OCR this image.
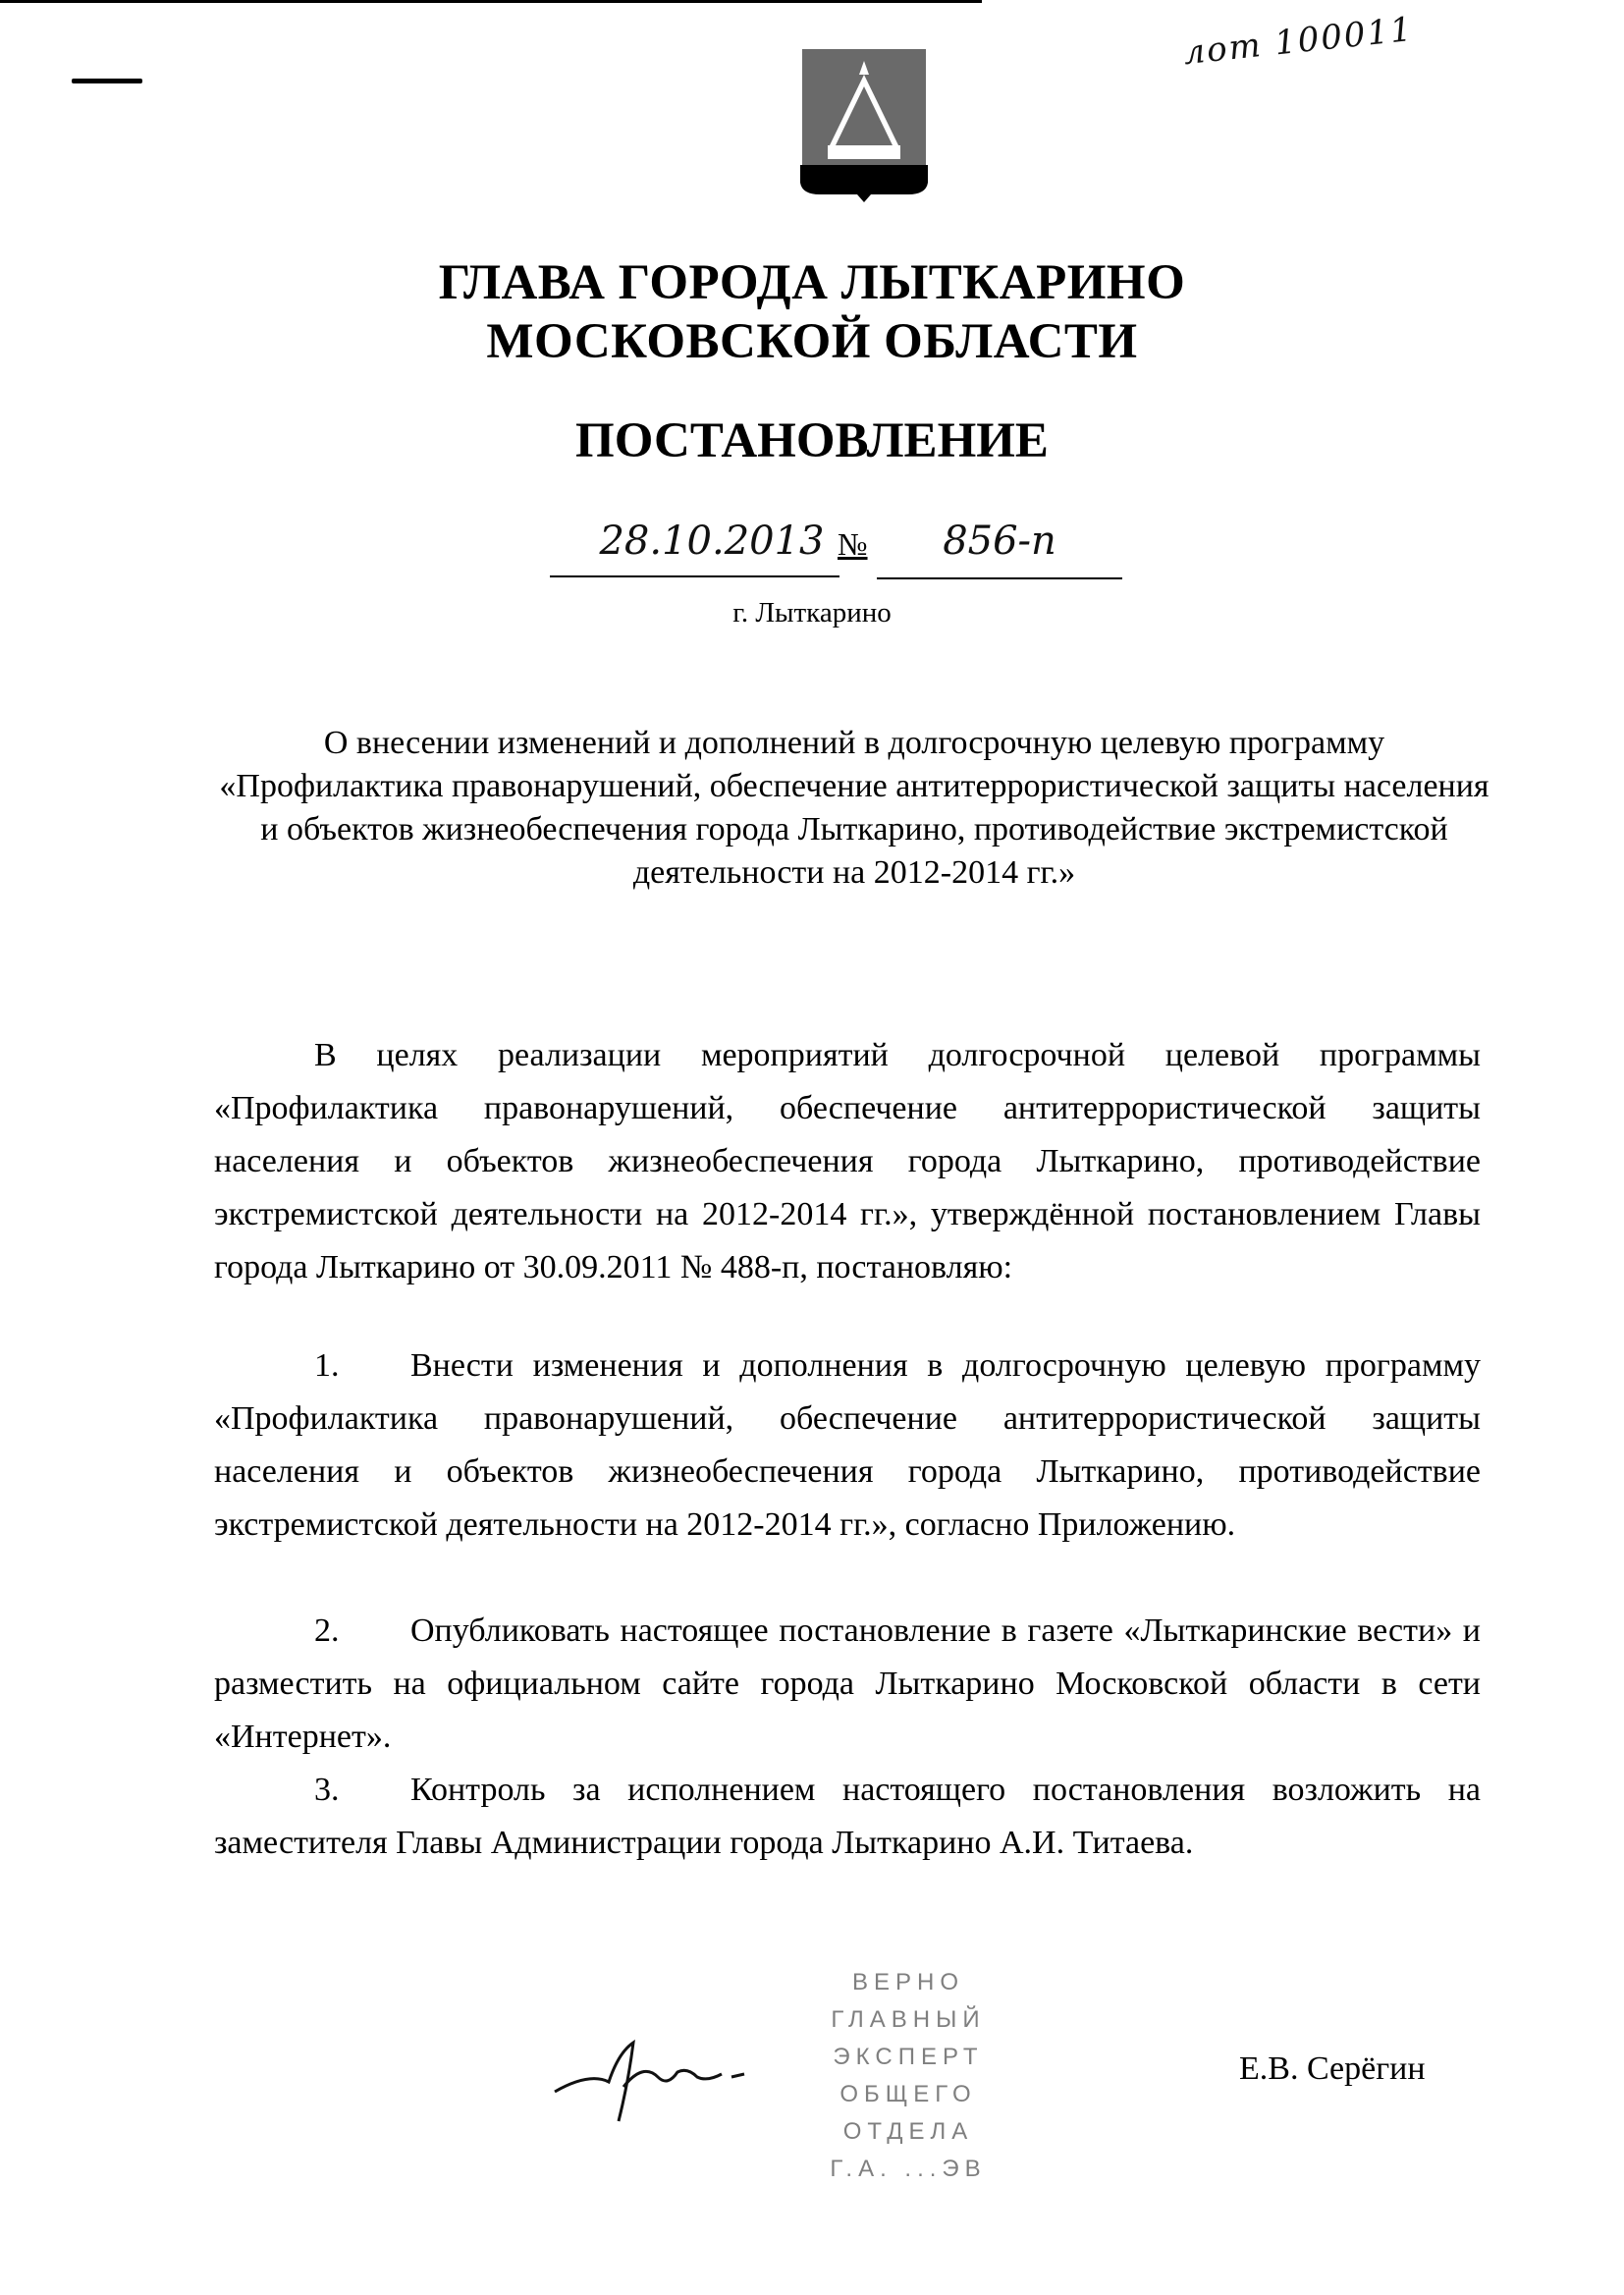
лот 100011
ГЛАВА ГОРОДА ЛЫТКАРИНО
МОСКОВСКОЙ ОБЛАСТИ
ПОСТАНОВЛЕНИЕ
28.10.2013 №	856-п
г. Лыткарино
О внесении изменений и дополнений в долгосрочную целевую программу «Профилактика правонарушений, обеспечение антитеррористической защиты населения и объектов жизнеобеспечения города Лыткарино, противодействие экстремистской деятельности на 2012-2014 гг.»
В целях реализации мероприятий долгосрочной целевой программы «Профилактика правонарушений, обеспечение антитеррористической защиты населения и объектов жизнеобеспечения города Лыткарино, противодействие экстремистской деятельности на 2012-2014 гг.», утверждённой постановлением Главы города Лыткарино от 30.09.2011 № 488-п, постановляю:
1. Внести изменения и дополнения в долгосрочную целевую программу «Профилактика правонарушений, обеспечение антитеррористической защиты населения и объектов жизнеобеспечения города Лыткарино, противодействие экстремистской деятельности на 2012-2014 гг.», согласно Приложению.
2. Опубликовать настоящее постановление в газете «Лыткаринские вести» и разместить на официальном сайте города Лыткарино Московской области в сети «Интернет».
3. Контроль за исполнением настоящего постановления возложить на заместителя Главы Администрации города Лыткарино А.И. Титаева.
ВЕРНО
ГЛАВНЫЙ ЭКСПЕРТ
ОБЩЕГО ОТДЕЛА
Г.А. ...ЭВ
Е.В. Серёгин
